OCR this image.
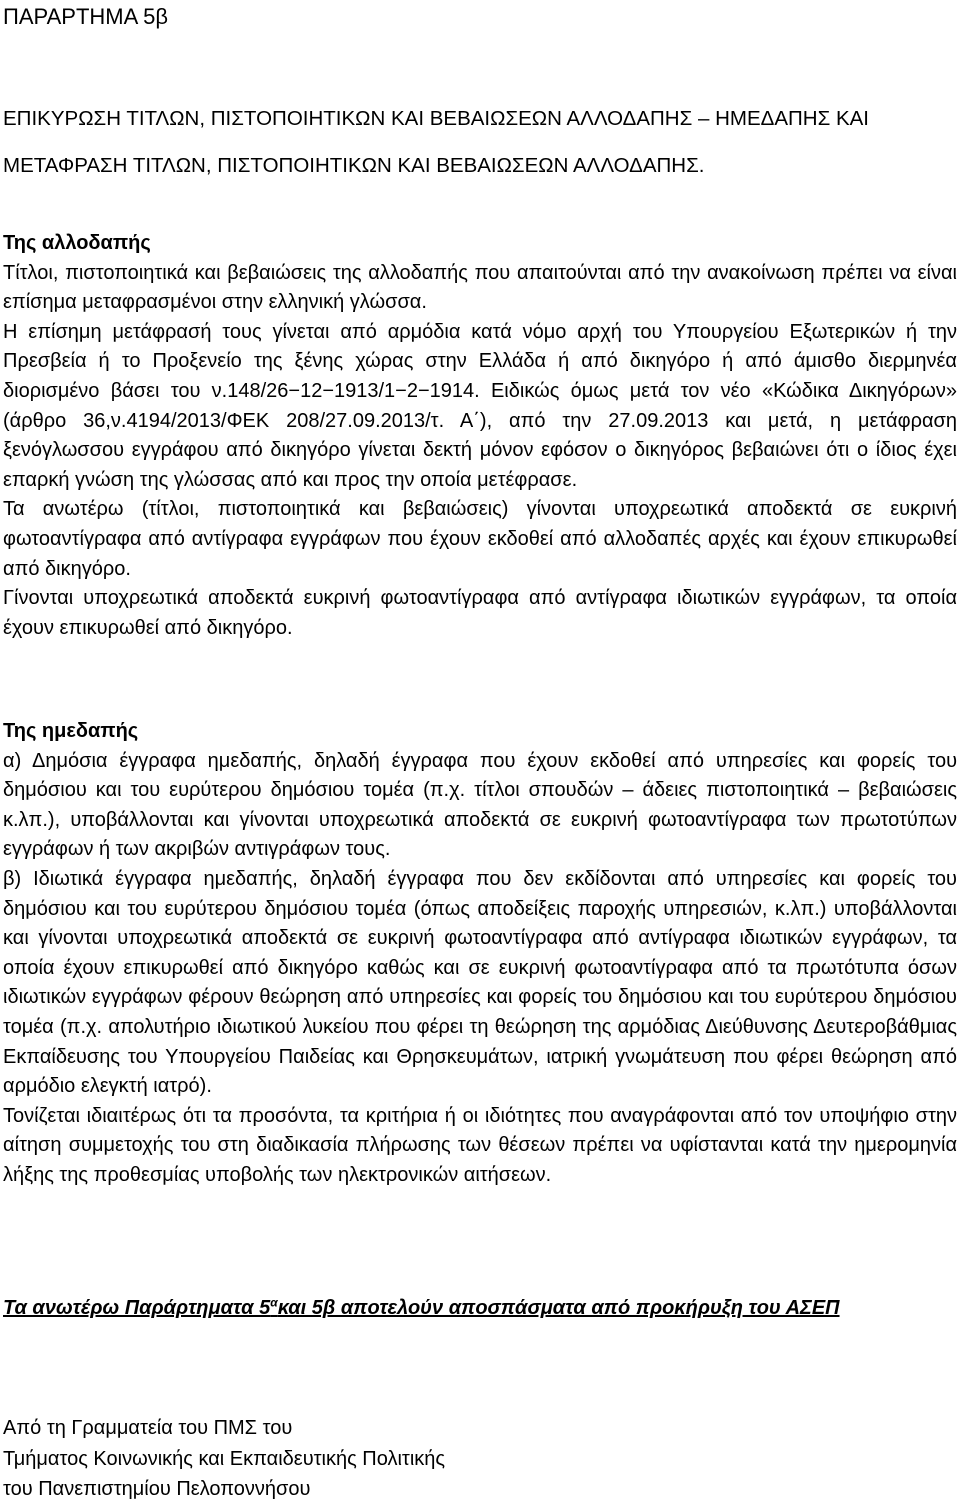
ΠΑΡΑΡΤΗΜΑ 5β
ΕΠΙΚΥΡΩΣΗ ΤΙΤΛΩΝ, ΠΙΣΤΟΠΟΙΗΤΙΚΩΝ ΚΑΙ ΒΕΒΑΙΩΣΕΩΝ ΑΛΛΟΔΑΠΗΣ – ΗΜΕΔΑΠΗΣ ΚΑΙ ΜΕΤΑΦΡΑΣΗ ΤΙΤΛΩΝ, ΠΙΣΤΟΠΟΙΗΤΙΚΩΝ ΚΑΙ ΒΕΒΑΙΩΣΕΩΝ ΑΛΛΟΔΑΠΗΣ.

Της αλλοδαπής

Τίτλοι, πιστοποιητικά και βεβαιώσεις της αλλοδαπής που απαιτούνται από την ανακοίνωση πρέπει να είναι επίσημα μεταφρασμένοι στην ελληνική γλώσσα.

Η επίσημη μετάφρασή τους γίνεται από αρμόδια κατά νόμο αρχή του Υπουργείου Εξωτερικών ή την Πρεσβεία ή το Προξενείο της ξένης χώρας στην Ελλάδα ή από δικηγόρο ή από άμισθο διερμηνέα διορισμένο βάσει του ν.148/26−12−1913/1−2−1914. Ειδικώς όμως μετά τον νέο «Κώδικα Δικηγόρων» (άρθρο 36,ν.4194/2013/ΦΕΚ 208/27.09.2013/τ. Α΄), από την 27.09.2013 και μετά, η μετάφραση ξενόγλωσσου εγγράφου από δικηγόρο γίνεται δεκτή μόνον εφόσον ο δικηγόρος βεβαιώνει ότι ο ίδιος έχει επαρκή γνώση της γλώσσας από και προς την οποία μετέφρασε.

Τα ανωτέρω (τίτλοι, πιστοποιητικά και βεβαιώσεις) γίνονται υποχρεωτικά αποδεκτά σε ευκρινή φωτοαντίγραφα από αντίγραφα εγγράφων που έχουν εκδοθεί από αλλοδαπές αρχές και έχουν επικυρωθεί από δικηγόρο.

Γίνονται υποχρεωτικά αποδεκτά ευκρινή φωτοαντίγραφα από αντίγραφα ιδιωτικών εγγράφων, τα οποία έχουν επικυρωθεί από δικηγόρο.

Της ημεδαπής

α) Δημόσια έγγραφα ημεδαπής, δηλαδή έγγραφα που έχουν εκδοθεί από υπηρεσίες και φορείς του δημόσιου και του ευρύτερου δημόσιου τομέα (π.χ. τίτλοι σπουδών – άδειες πιστοποιητικά – βεβαιώσεις κ.λπ.), υποβάλλονται και γίνονται υποχρεωτικά αποδεκτά σε ευκρινή φωτοαντίγραφα των πρωτοτύπων εγγράφων ή των ακριβών αντιγράφων τους.

β) Ιδιωτικά έγγραφα ημεδαπής, δηλαδή έγγραφα που δεν εκδίδονται από υπηρεσίες και φορείς του δημόσιου και του ευρύτερου δημόσιου τομέα (όπως αποδείξεις παροχής υπηρεσιών, κ.λπ.) υποβάλλονται και γίνονται υποχρεωτικά αποδεκτά σε ευκρινή φωτοαντίγραφα από αντίγραφα ιδιωτικών εγγράφων, τα οποία έχουν επικυρωθεί από δικηγόρο καθώς και σε ευκρινή φωτοαντίγραφα από τα πρωτότυπα όσων ιδιωτικών εγγράφων φέρουν θεώρηση από υπηρεσίες και φορείς του δημόσιου και του ευρύτερου δημόσιου τομέα (π.χ. απολυτήριο ιδιωτικού λυκείου που φέρει τη θεώρηση της αρμόδιας Διεύθυνσης Δευτεροβάθμιας Εκπαίδευσης του Υπουργείου Παιδείας και Θρησκευμάτων, ιατρική γνωμάτευση που φέρει θεώρηση από αρμόδιο ελεγκτή ιατρό).

Τονίζεται ιδιαιτέρως ότι τα προσόντα, τα κριτήρια ή οι ιδιότητες που αναγράφονται από τον υποψήφιο στην αίτηση συμμετοχής του στη διαδικασία πλήρωσης των θέσεων πρέπει να υφίστανται κατά την ημερομηνία λήξης της προθεσμίας υποβολής των ηλεκτρονικών αιτήσεων.

Τα ανωτέρω Παράρτηματα $5^\alpha\kappa\alpha\iota$ 5β αποτελούν αποσπάσματα από προκήρυξη του ΑΣΕΠ
Από τη Γραμματεία του ΠΜΣ του
Τμήματος Κοινωνικής και Εκπαιδευτικής Πολιτικής
του Πανεπιστημίου Πελοποννήσου
